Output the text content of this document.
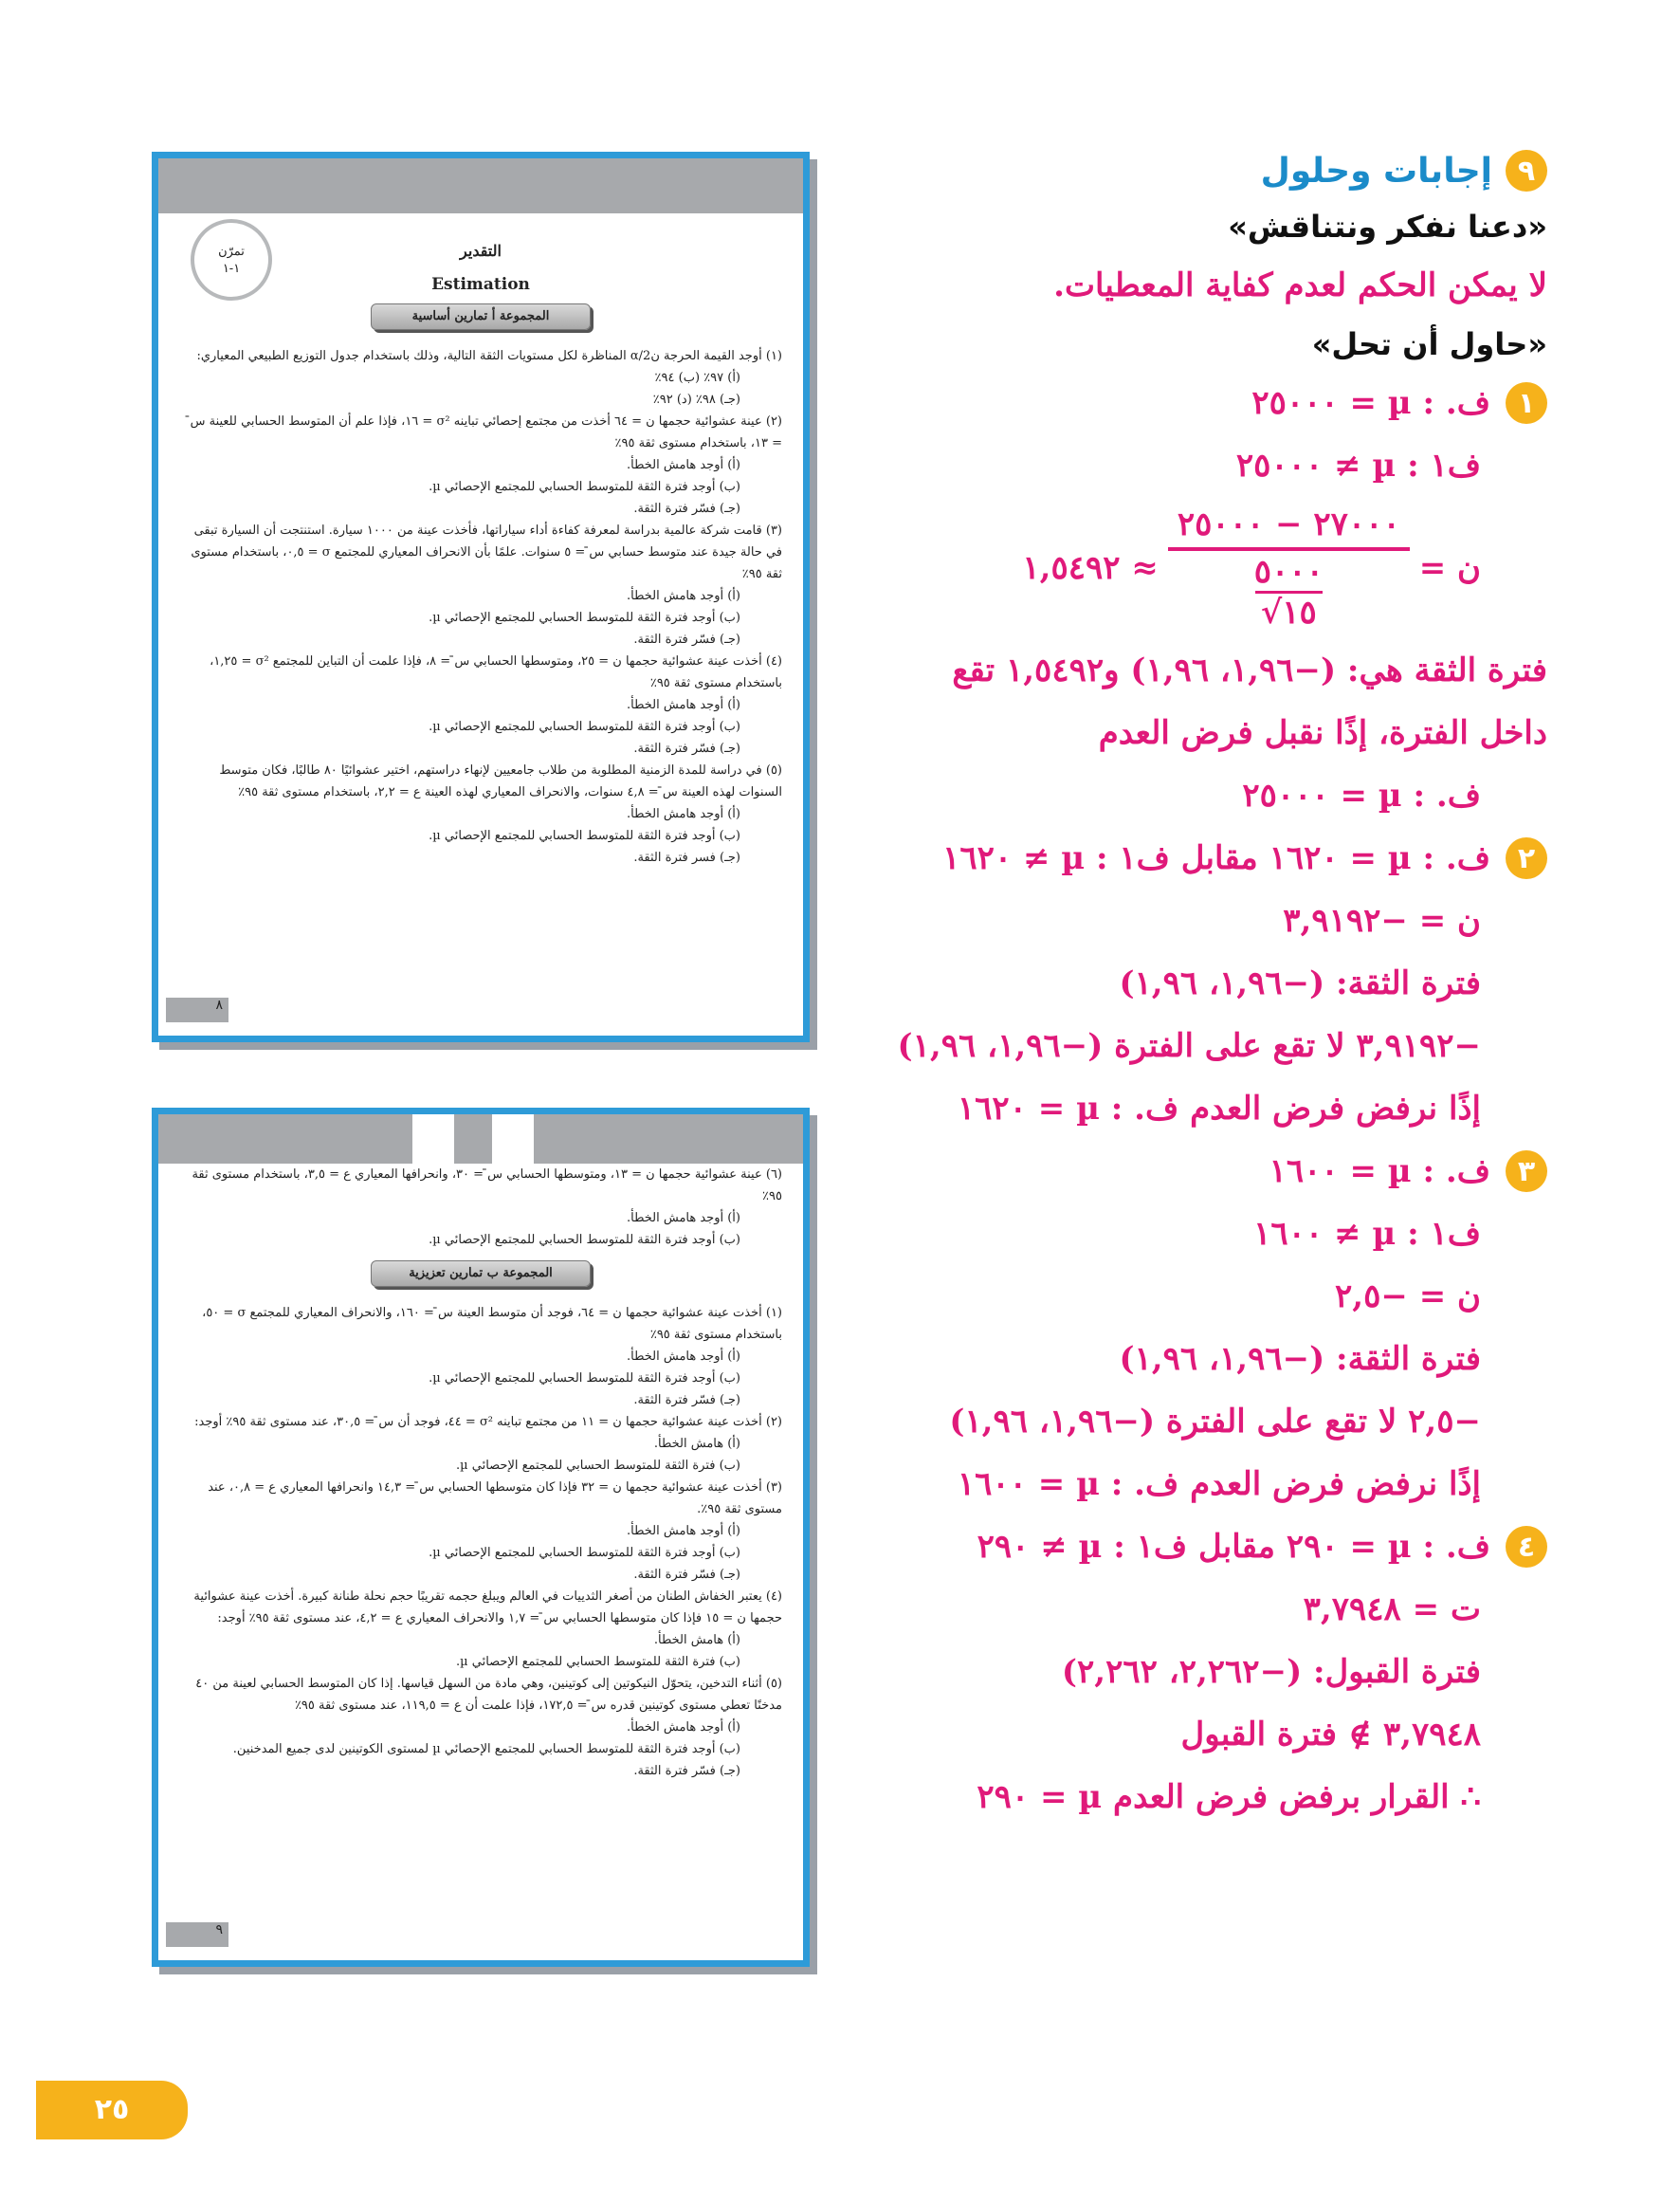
٩
إجابات وحلول
«دعنا نفكر ونتناقش»
لا يمكن الحكم لعدم كفاية المعطيات.
«حاول أن تحل»
١
ف. : µ = ٢٥٠٠٠
ف١ : µ ≠ ٢٥٠٠٠
ن =
٢٧٠٠٠ − ٢٥٠٠٠
٥٠٠٠
١٥√
≈ ١,٥٤٩٢
فترة الثقة هي: (−١,٩٦، ١,٩٦) و١,٥٤٩٢ تقع
داخل الفترة، إذًا نقبل فرض العدم
ف. : µ = ٢٥٠٠٠
٢
ف. : µ = ١٦٢٠ مقابل ف١ : µ ≠ ١٦٢٠
ن = −٣,٩١٩٢
فترة الثقة: (−١,٩٦، ١,٩٦)
−٣,٩١٩٢ لا تقع على الفترة (−١,٩٦، ١,٩٦)
إذًا نرفض فرض العدم ف. : µ = ١٦٢٠
٣
ف. : µ = ١٦٠٠
ف١ : µ ≠ ١٦٠٠
ن = −٢,٥
فترة الثقة: (−١,٩٦، ١,٩٦)
−٢,٥ لا تقع على الفترة (−١,٩٦، ١,٩٦)
إذًا نرفض فرض العدم ف. : µ = ١٦٠٠
٤
ف. : µ = ٢٩٠ مقابل ف١ : µ ≠ ٢٩٠
ت = ٣,٧٩٤٨
فترة القبول: (−٢,٢٦٢، ٢,٢٦٢)
٣,٧٩٤٨ ∌ فترة القبول
∴ القرار برفض فرض العدم µ = ٢٩٠
تمرّن
١-١
التقدير
Estimation
المجموعة أ تمارين أساسية

(١) أوجد القيمة الحرجة ن‪α/2‬ المناظرة لكل مستويات الثقة التالية، وذلك باستخدام جدول التوزيع الطبيعي المعياري:

(أ) ٩٧٪ (ب) ٩٤٪

(جـ) ٩٨٪ (د) ٩٢٪

(٢) عينة عشوائية حجمها ن = ٦٤ أخذت من مجتمع إحصائي تباينه σ² = ١٦، فإذا علم أن المتوسط الحسابي للعينة س̄ = ١٣، باستخدام مستوى ثقة ٩٥٪

(أ) أوجد هامش الخطأ.

(ب) أوجد فترة الثقة للمتوسط الحسابي للمجتمع الإحصائي µ.

(جـ) فسّر فترة الثقة.

(٣) قامت شركة عالمية بدراسة لمعرفة كفاءة أداء سياراتها، فأخذت عينة من ١٠٠٠ سيارة. استنتجت أن السيارة تبقى في حالة جيدة عند متوسط حسابي س̄ = ٥ سنوات. علمًا بأن الانحراف المعياري للمجتمع σ = ٠,٥، باستخدام مستوى ثقة ٩٥٪

(أ) أوجد هامش الخطأ.

(ب) أوجد فترة الثقة للمتوسط الحسابي للمجتمع الإحصائي µ.

(جـ) فسّر فترة الثقة.

(٤) أخذت عينة عشوائية حجمها ن = ٢٥، ومتوسطها الحسابي س̄ = ٨، فإذا علمت أن التباين للمجتمع σ² = ١,٢٥، باستخدام مستوى ثقة ٩٥٪

(أ) أوجد هامش الخطأ.

(ب) أوجد فترة الثقة للمتوسط الحسابي للمجتمع الإحصائي µ.

(جـ) فسّر فترة الثقة.

(٥) في دراسة للمدة الزمنية المطلوبة من طلاب جامعيين لإنهاء دراستهم، اختير عشوائيًا ٨٠ طالبًا، فكان متوسط السنوات لهذه العينة س̄ = ٤,٨ سنوات، والانحراف المعياري لهذه العينة ع = ٢,٢، باستخدام مستوى ثقة ٩٥٪

(أ) أوجد هامش الخطأ.

(ب) أوجد فترة الثقة للمتوسط الحسابي للمجتمع الإحصائي µ.

(جـ) فسر فترة الثقة.

٨

(٦) عينة عشوائية حجمها ن = ١٣، ومتوسطها الحسابي س̄ = ٣٠، وانحرافها المعياري ع = ٣,٥، باستخدام مستوى ثقة ٩٥٪

(أ) أوجد هامش الخطأ.

(ب) أوجد فترة الثقة للمتوسط الحسابي للمجتمع الإحصائي µ.

المجموعة ب تمارين تعزيزية

(١) أخذت عينة عشوائية حجمها ن = ٦٤، فوجد أن متوسط العينة س̄ = ١٦٠، والانحراف المعياري للمجتمع σ = ٥٠، باستخدام مستوى ثقة ٩٥٪

(أ) أوجد هامش الخطأ.

(ب) أوجد فترة الثقة للمتوسط الحسابي للمجتمع الإحصائي µ.

(جـ) فسّر فترة الثقة.

(٢) أخذت عينة عشوائية حجمها ن = ١١ من مجتمع تباينه σ² = ٤٤، فوجد أن س̄ = ٣٠,٥، عند مستوى ثقة ٩٥٪ أوجد:

(أ) هامش الخطأ.

(ب) فترة الثقة للمتوسط الحسابي للمجتمع الإحصائي µ.

(٣) أخذت عينة عشوائية حجمها ن = ٣٢ فإذا كان متوسطها الحسابي س̄ = ١٤,٣ وانحرافها المعياري ع = ٠,٨، عند مستوى ثقة ٩٥٪.

(أ) أوجد هامش الخطأ.

(ب) أوجد فترة الثقة للمتوسط الحسابي للمجتمع الإحصائي µ.

(جـ) فسّر فترة الثقة.

(٤) يعتبر الخفاش الطنان من أصغر الثدييات في العالم ويبلغ حجمه تقريبًا حجم نحلة طنانة كبيرة. أخذت عينة عشوائية حجمها ن = ١٥ فإذا كان متوسطها الحسابي س̄ = ١,٧ والانحراف المعياري ع = ٤,٢، عند مستوى ثقة ٩٥٪ أوجد:

(أ) هامش الخطأ.

(ب) فترة الثقة للمتوسط الحسابي للمجتمع الإحصائي µ.

(٥) أثناء التدخين، يتحوّل النيكوتين إلى كوتينين، وهي مادة من السهل قياسها. إذا كان المتوسط الحسابي لعينة من ٤٠ مدخنًا تعطي مستوى كوتينين قدره س̄ = ١٧٢,٥، فإذا علمت أن ع = ١١٩,٥، عند مستوى ثقة ٩٥٪

(أ) أوجد هامش الخطأ.

(ب) أوجد فترة الثقة للمتوسط الحسابي للمجتمع الإحصائي µ لمستوى الكوتينين لدى جميع المدخنين.

(جـ) فسّر فترة الثقة.

٩
٢٥
